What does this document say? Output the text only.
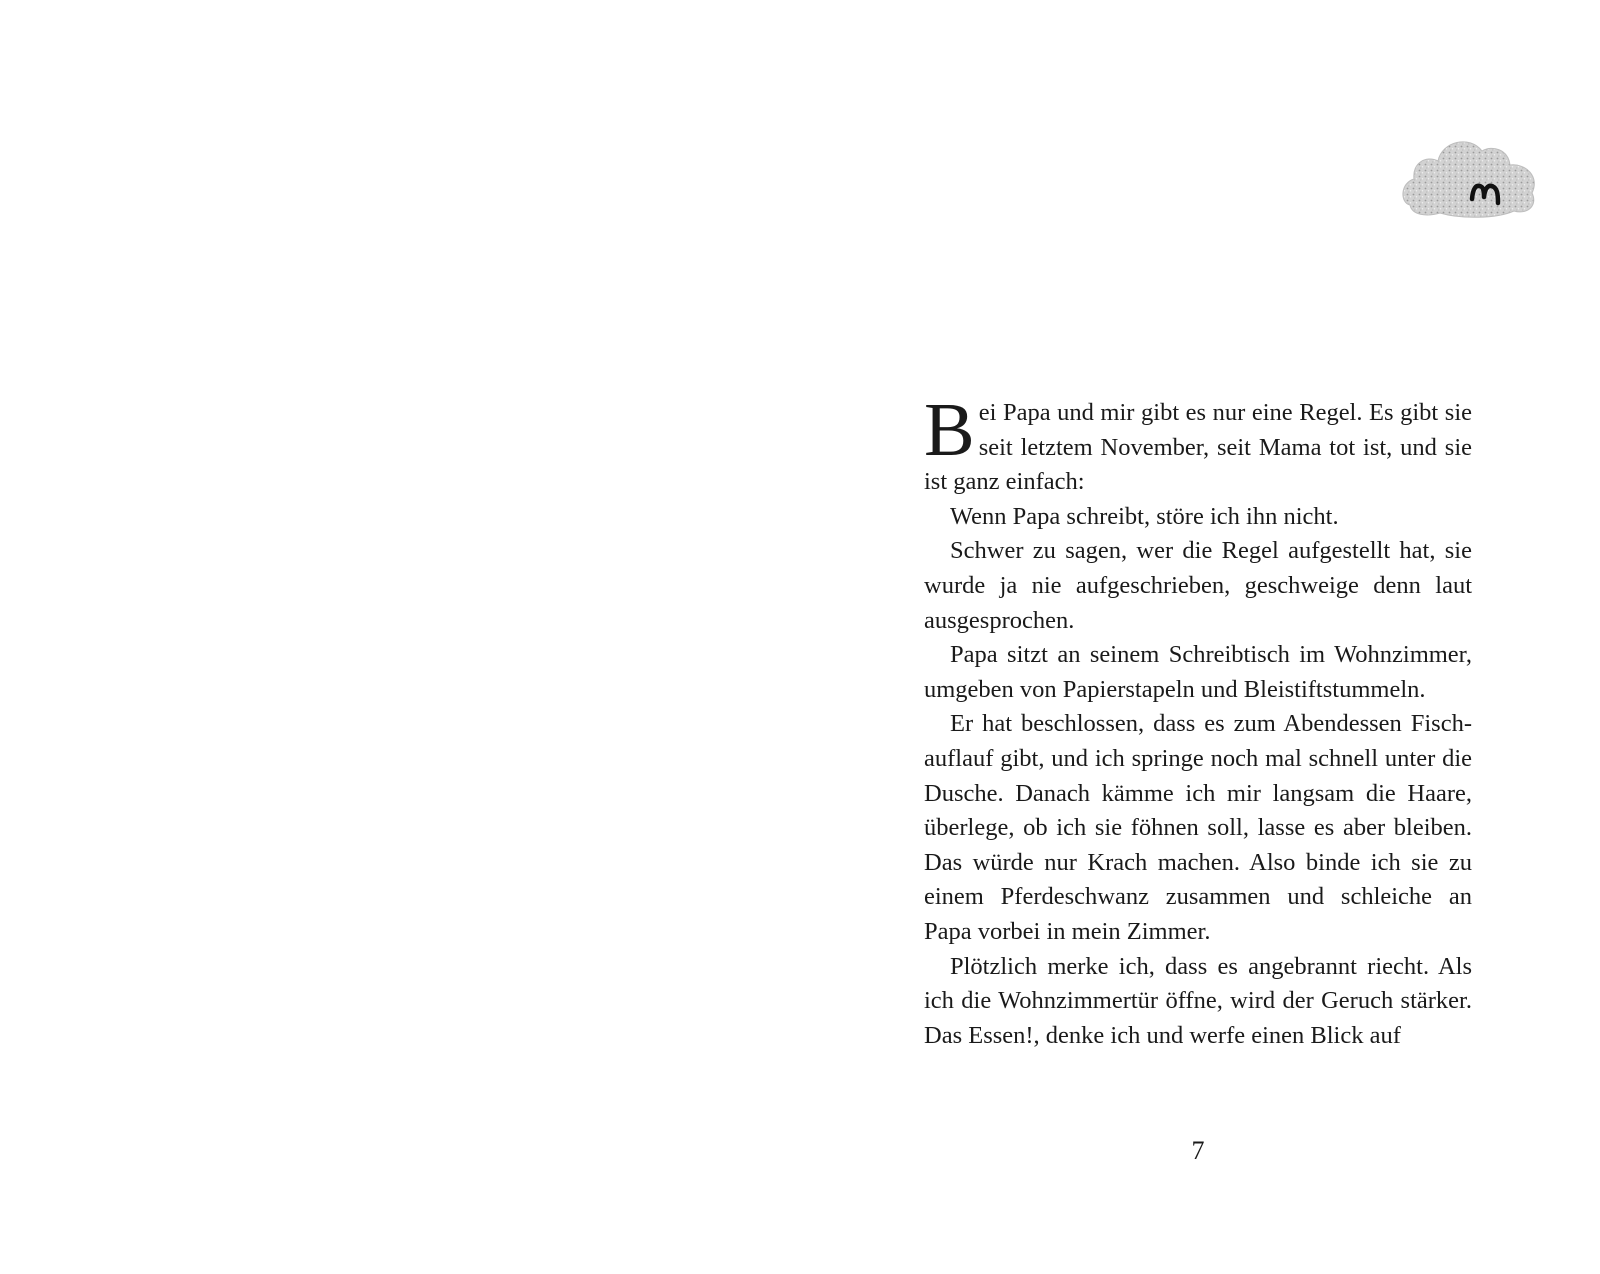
Bei Papa und mir gibt es nur eine Regel. Es gibt sie seit letztem November, seit Mama tot ist, und sie ist ganz einfach:

Wenn Papa schreibt, störe ich ihn nicht.

Schwer zu sagen, wer die Regel aufgestellt hat, sie wurde ja nie aufgeschrieben, geschweige denn laut ausgesprochen.

Papa sitzt an seinem Schreibtisch im Wohnzimmer, umgeben von Papierstapeln und Bleistiftstummeln.

Er hat beschlossen, dass es zum Abendessen Fischauflauf gibt, und ich springe noch mal schnell unter die Dusche. Danach kämme ich mir langsam die Haare, überlege, ob ich sie föhnen soll, lasse es aber bleiben. Das würde nur Krach machen. Also binde ich sie zu einem Pferdeschwanz zusammen und schleiche an Papa vorbei in mein Zimmer.

Plötzlich merke ich, dass es angebrannt riecht. Als ich die Wohnzimmertür öffne, wird der Geruch stärker. Das Essen!, denke ich und werfe einen Blick auf

7
